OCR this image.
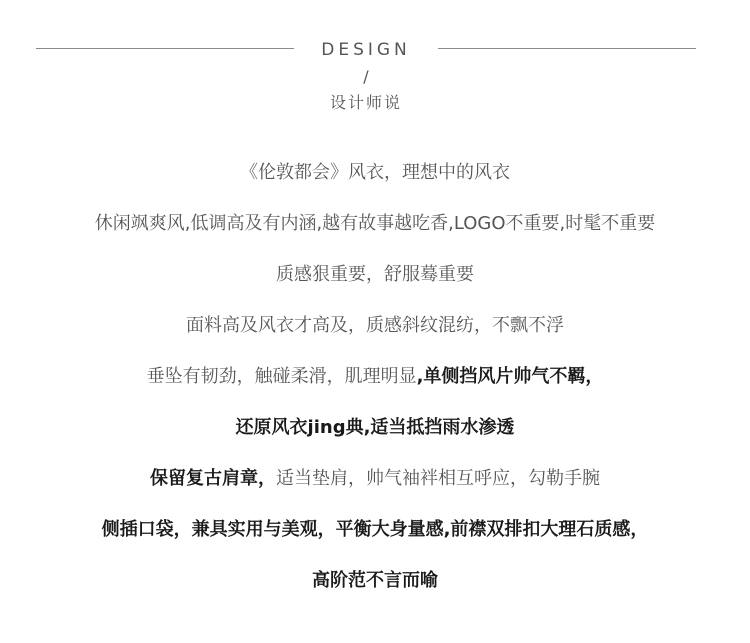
DESIGN
/
设计师说
《伦敦都会》风衣，理想中的风衣
休闲飒爽风,低调高及有内涵,越有故事越吃香,LOGO不重要,时髦不重要
质感狠重要，舒服蓦重要
面料高及风衣才高及，质感斜纹混纺，不飘不浮
垂坠有韧劲，触碰柔滑，肌理明显,单侧挡风片帅气不羁，
还原风衣jing典,适当抵挡雨水渗透
保留复古肩章，适当垫肩，帅气袖袢相互呼应，勾勒手腕
侧插口袋，兼具实用与美观，平衡大身量感,前襟双排扣大理石质感，
高阶范不言而喻
